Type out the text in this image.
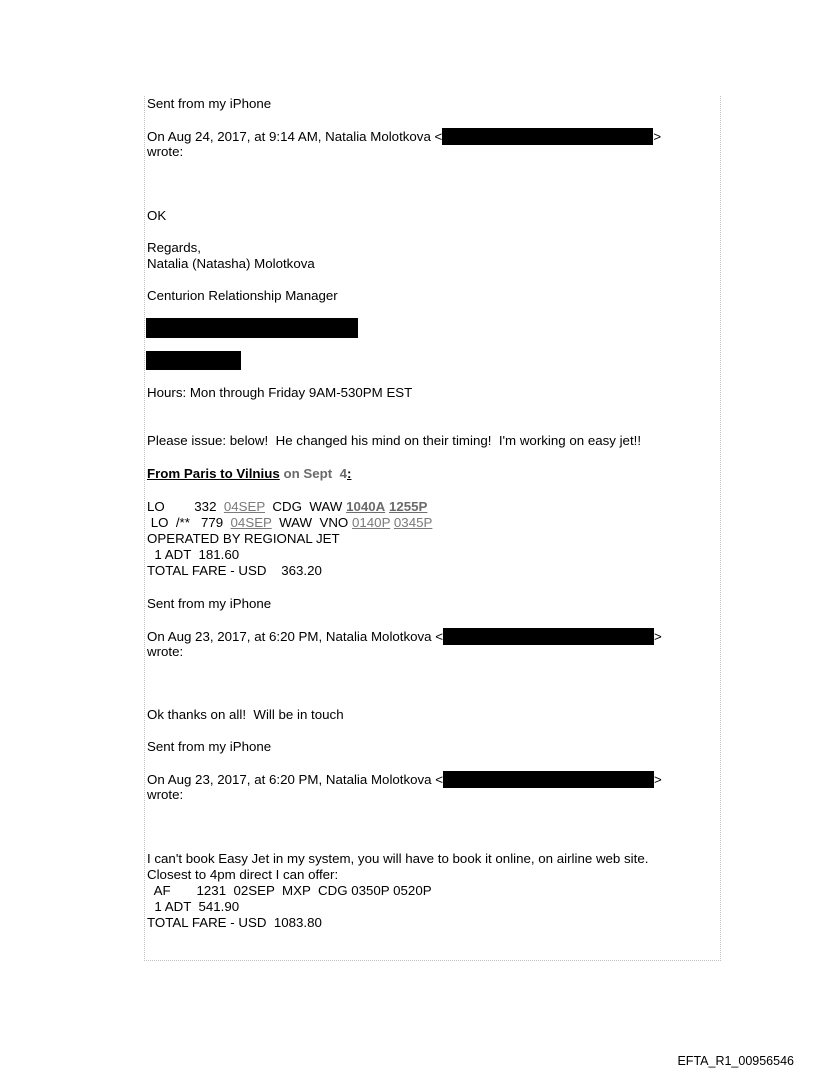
Sent from my iPhone

On Aug 24, 2017, at 9:14 AM, Natalia Molotkova <	>

wrote:

OK

Regards,

Natalia (Natasha) Molotkova

Centurion Relationship Manager

Hours: Mon through Friday 9AM-530PM EST

Please issue: below!  He changed his mind on their timing!  I'm working on easy jet!!

From Paris to Vilnius on Sept  4:

LO        332  04SEP  CDG  WAW 1040A 1255P

LO  /**   779  04SEP  WAW  VNO 0140P 0345P

OPERATED BY REGIONAL JET

1 ADT  181.60

TOTAL FARE - USD    363.20

Sent from my iPhone

On Aug 23, 2017, at 6:20 PM, Natalia Molotkova <	>

wrote:

Ok thanks on all!  Will be in touch

Sent from my iPhone

On Aug 23, 2017, at 6:20 PM, Natalia Molotkova <	>

wrote:

I can't book Easy Jet in my system, you will have to book it online, on airline web site.

Closest to 4pm direct I can offer:

AF       1231  02SEP  MXP  CDG 0350P 0520P

1 ADT  541.90

TOTAL FARE - USD  1083.80

EFTA_R1_00956546
